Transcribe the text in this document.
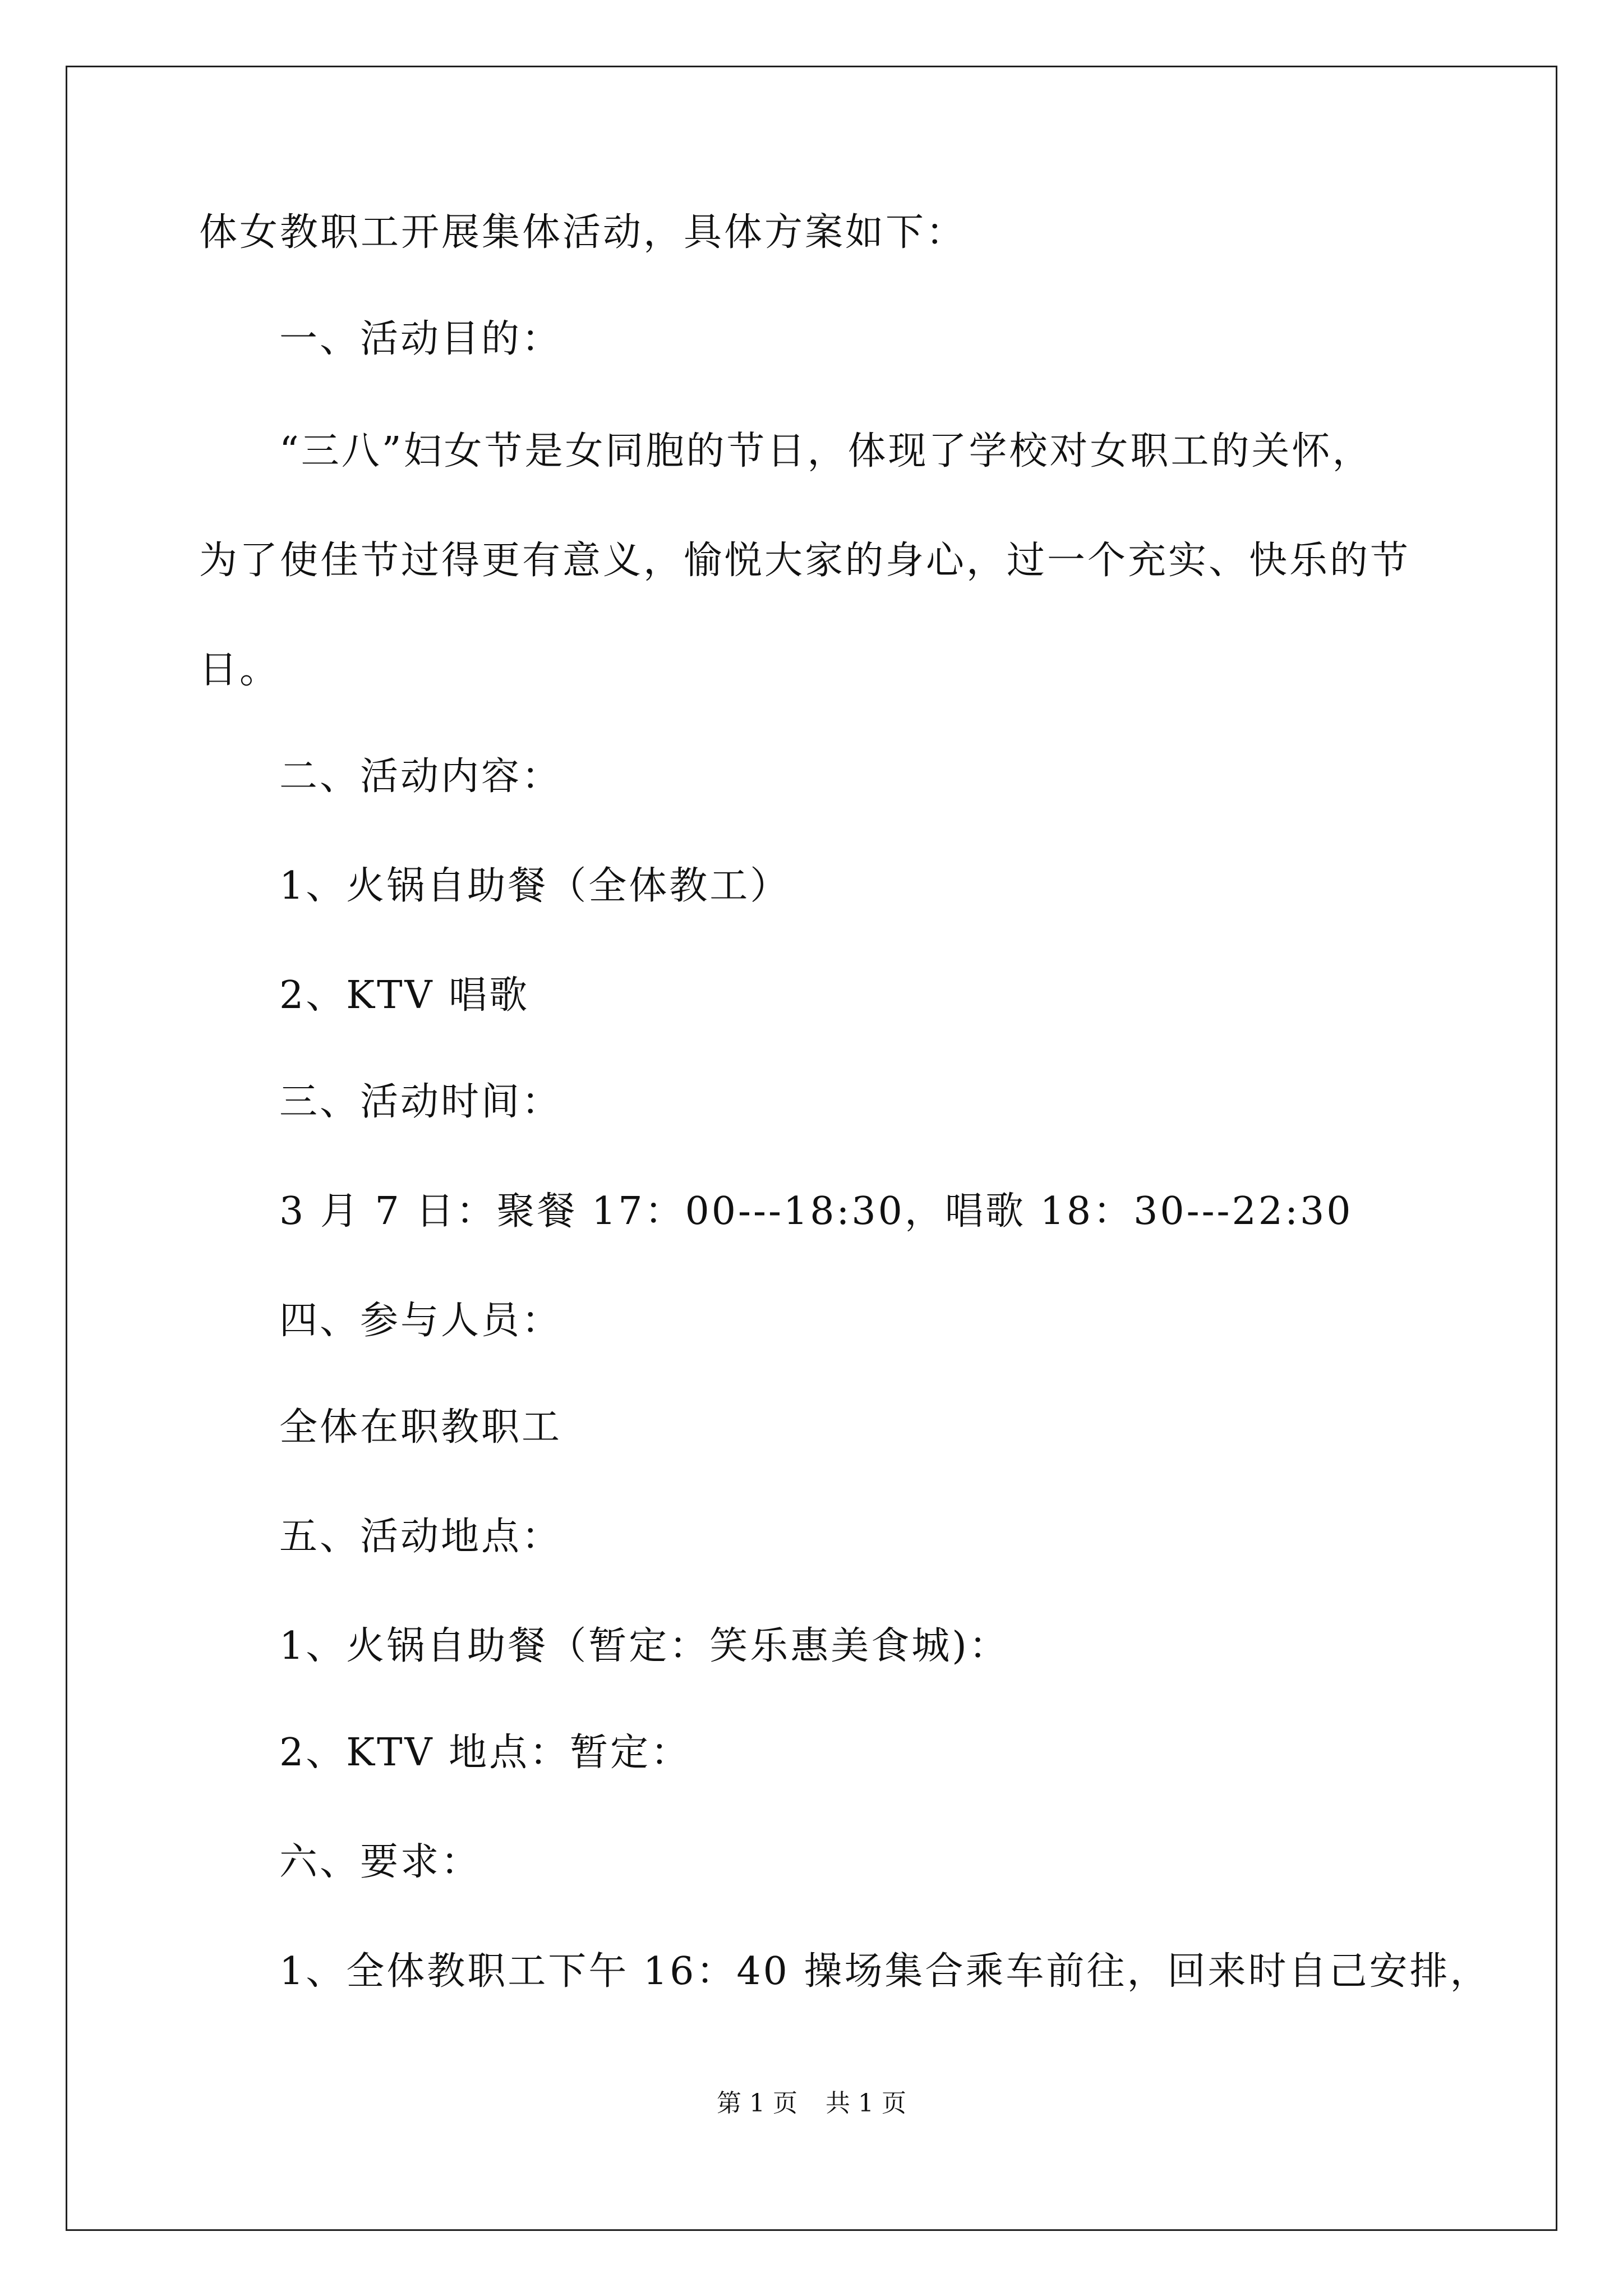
体女教职工开展集体活动，具体方案如下：
一、活动目的：
“三八”妇女节是女同胞的节日，体现了学校对女职工的关怀，
为了使佳节过得更有意义，愉悦大家的身心，过一个充实、快乐的节
日。
二、活动内容：
1、火锅自助餐（全体教工）
2、KTV 唱歌
三、活动时间：
3 月 7 日：聚餐 17：00---18:30，唱歌 18：30---22:30
四、参与人员：
全体在职教职工
五、活动地点：
1、火锅自助餐（暂定：笑乐惠美食城)：
2、KTV 地点：暂定：
六、要求：
1、全体教职工下午 16：40 操场集合乘车前往，回来时自己安排，
第 1 页 共 1 页
